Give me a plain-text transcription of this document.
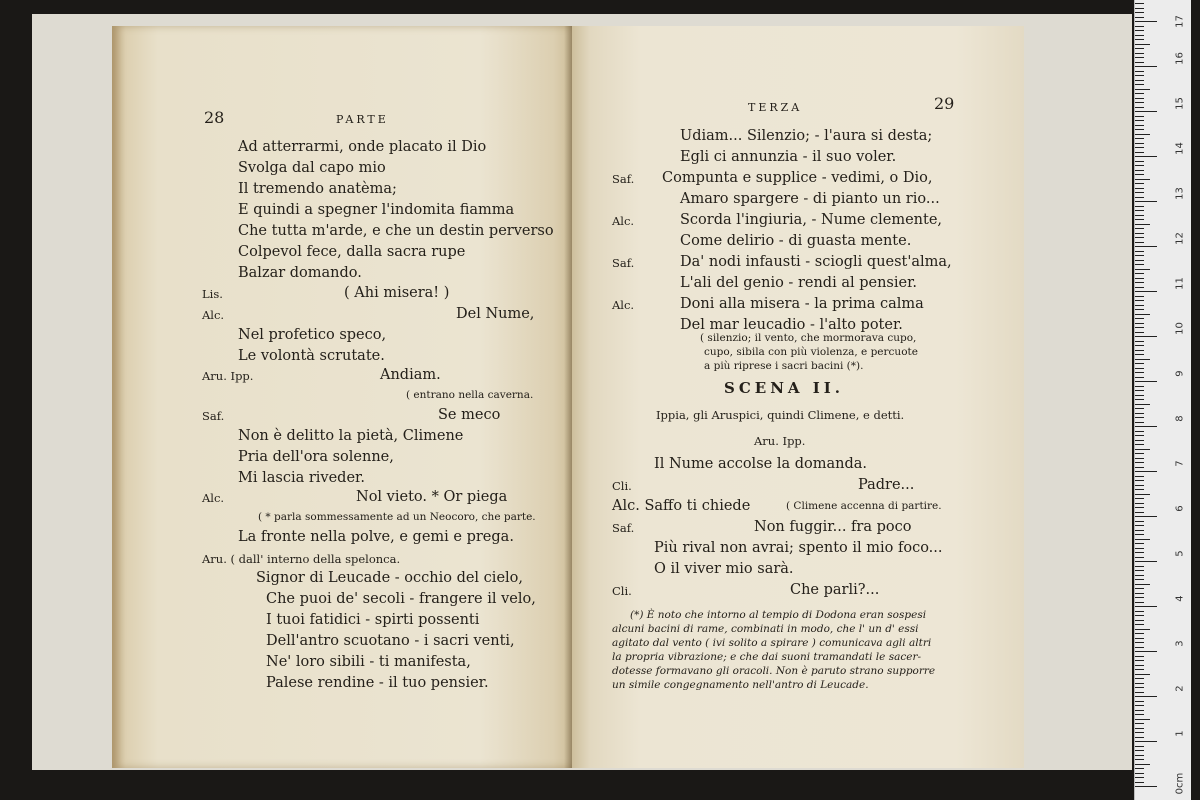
28	PARTE
Ad atterrarmi, onde placato il Dio
Svolga dal capo mio
Il tremendo anatèma;
E quindi a spegner l'indomita fiamma
Che tutta m'arde, e che un destin perverso
Colpevol fece, dalla sacra rupe
Balzar domando.
Lis.	( Ahi misera! )
Alc.	Del Nume,
Nel profetico speco,
Le volontà scrutate.
Aru. Ipp.	Andiam.
( entrano nella caverna.
Saf.	Se meco
Non è delitto la pietà, Climene
Pria dell'ora solenne,
Mi lascia riveder.
Alc.	Nol vieto. * Or piega
( * parla sommessamente ad un Neocoro, che parte.
La fronte nella polve, e gemi e prega.
Aru. ( dall' interno della spelonca.
Signor di Leucade - occhio del cielo,
Che puoi de' secoli - frangere il velo,
I tuoi fatidici - spirti possenti
Dell'antro scuotano - i sacri venti,
Ne' loro sibili - ti manifesta,
Palese rendine - il tuo pensier.
TERZA	29
Udiam... Silenzio; - l'aura si desta;
Egli ci annunzia - il suo voler.
Saf. Compunta e supplice - vedimi, o Dio,
Amaro spargere - di pianto un rio...
Alc.	Scorda l'ingiuria, - Nume clemente,
Come delirio - di guasta mente.
Saf.	Da' nodi infausti - sciogli quest'alma,
L'ali del genio - rendi al pensier.
Alc.	Doni alla misera - la prima calma
Del mar leucadio - l'alto poter.
( silenzio; il vento, che mormorava cupo,
cupo, sibila con più violenza, e percuote
a più riprese i sacri bacini (*).
SCENA II.
Ippia, gli Aruspici, quindi Climene, e detti.
Aru. Ipp.
Il Nume accolse la domanda.
Cli.	Padre...
Alc. Saffo ti chiede	( Climene accenna di partire.
Saf.	Non fuggir... fra poco
Più rival non avrai; spento il mio foco...
O il viver mio sarà.
Cli.	Che parli?...
(*) È noto che intorno al tempio di Dodona eran sospesi
alcuni bacini di rame, combinati in modo, che l' un d' essi
agitato dal vento ( ivi solito a spirare ) comunicava agli altri
la propria vibrazione; e che dai suoni tramandati le sacer-
dotesse formavano gli oracoli. Non è paruto strano supporre
un simile congegnamento nell'antro di Leucade.
0cm
1
2
3
4
5
6
7
8
9
10
11
12
13
14
15
16
17
